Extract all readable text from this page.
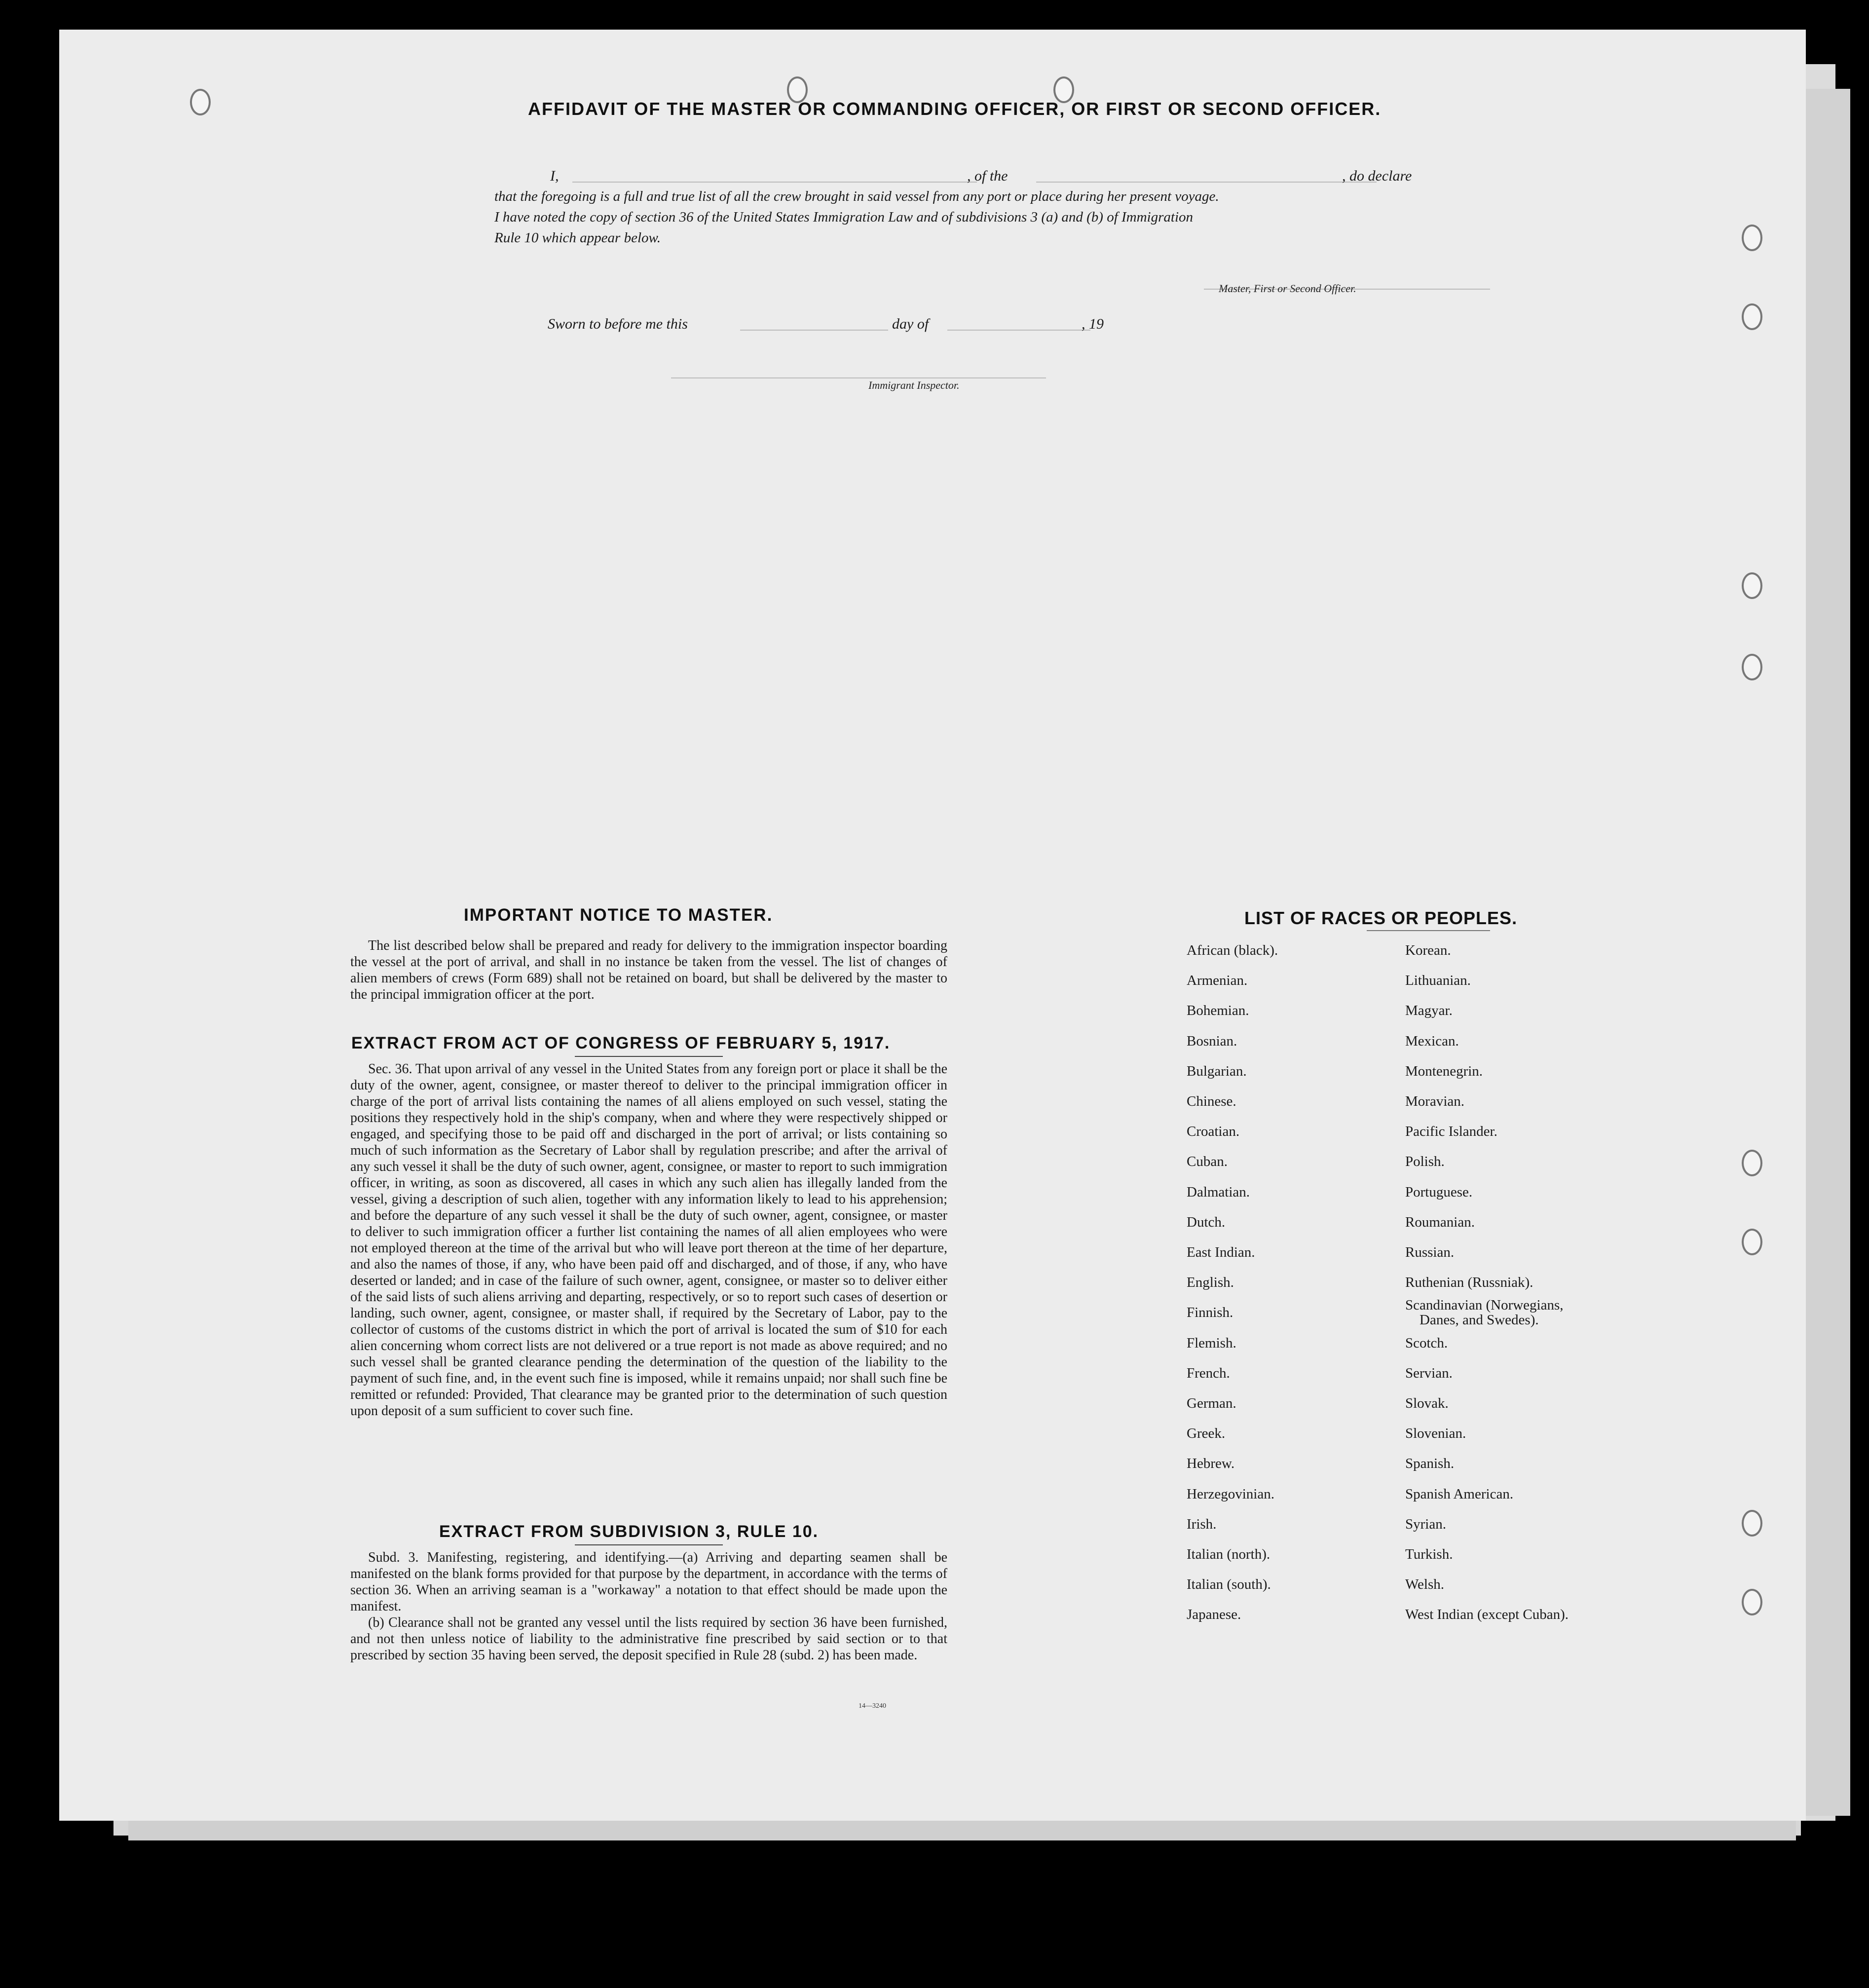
AFFIDAVIT OF THE MASTER OR COMMANDING OFFICER, OR FIRST OR SECOND OFFICER.
I,	, of the	, do declare
that the foregoing is a full and true list of all the crew brought in said vessel from any port or place during her present voyage.
I have noted the copy of section 36 of the United States Immigration Law and of subdivisions 3 (a) and (b) of Immigration
Rule 10 which appear below.
Master, First or Second Officer.
Sworn to before me this	day of	, 19
Immigrant Inspector.
IMPORTANT NOTICE TO MASTER.

The list described below shall be prepared and ready for delivery to the immigration inspector boarding the vessel at the port of arrival, and shall in no instance be taken from the vessel. The list of changes of alien members of crews (Form 689) shall not be retained on board, but shall be delivered by the master to the principal immigration officer at the port.

EXTRACT FROM ACT OF CONGRESS OF FEBRUARY 5, 1917.

Sec. 36. That upon arrival of any vessel in the United States from any foreign port or place it shall be the duty of the owner, agent, consignee, or master thereof to deliver to the principal immigration officer in charge of the port of arrival lists containing the names of all aliens employed on such vessel, stating the positions they respectively hold in the ship's company, when and where they were respectively shipped or engaged, and specifying those to be paid off and discharged in the port of arrival; or lists containing so much of such information as the Secretary of Labor shall by regulation prescribe; and after the arrival of any such vessel it shall be the duty of such owner, agent, consignee, or master to report to such immigration officer, in writing, as soon as discovered, all cases in which any such alien has illegally landed from the vessel, giving a description of such alien, together with any information likely to lead to his apprehension; and before the departure of any such vessel it shall be the duty of such owner, agent, consignee, or master to deliver to such immigration officer a further list containing the names of all alien employees who were not employed thereon at the time of the arrival but who will leave port thereon at the time of her departure, and also the names of those, if any, who have been paid off and discharged, and of those, if any, who have deserted or landed; and in case of the failure of such owner, agent, consignee, or master so to deliver either of the said lists of such aliens arriving and departing, respectively, or so to report such cases of desertion or landing, such owner, agent, consignee, or master shall, if required by the Secretary of Labor, pay to the collector of customs of the customs district in which the port of arrival is located the sum of $10 for each alien concerning whom correct lists are not delivered or a true report is not made as above required; and no such vessel shall be granted clearance pending the determination of the question of the liability to the payment of such fine, and, in the event such fine is imposed, while it remains unpaid; nor shall such fine be remitted or refunded: Provided, That clearance may be granted prior to the determination of such question upon deposit of a sum sufficient to cover such fine.

EXTRACT FROM SUBDIVISION 3, RULE 10.

Subd. 3. Manifesting, registering, and identifying.—(a) Arriving and departing seamen shall be manifested on the blank forms provided for that purpose by the department, in accordance with the terms of section 36. When an arriving seaman is a "workaway" a notation to that effect should be made upon the manifest.

(b) Clearance shall not be granted any vessel until the lists required by section 36 have been furnished, and not then unless notice of liability to the administrative fine prescribed by said section or to that prescribed by section 35 having been served, the deposit specified in Rule 28 (subd. 2) has been made.

14—3240
LIST OF RACES OR PEOPLES.
African (black).
Armenian.
Bohemian.
Bosnian.
Bulgarian.
Chinese.
Croatian.
Cuban.
Dalmatian.
Dutch.
East Indian.
English.
Finnish.
Flemish.
French.
German.
Greek.
Hebrew.
Herzegovinian.
Irish.
Italian (north).
Italian (south).
Japanese.
Korean.
Lithuanian.
Magyar.
Mexican.
Montenegrin.
Moravian.
Pacific Islander.
Polish.
Portuguese.
Roumanian.
Russian.
Ruthenian (Russniak).
Scandinavian (Norwegians,
Danes, and Swedes).
Scotch.
Servian.
Slovak.
Slovenian.
Spanish.
Spanish American.
Syrian.
Turkish.
Welsh.
West Indian (except Cuban).
